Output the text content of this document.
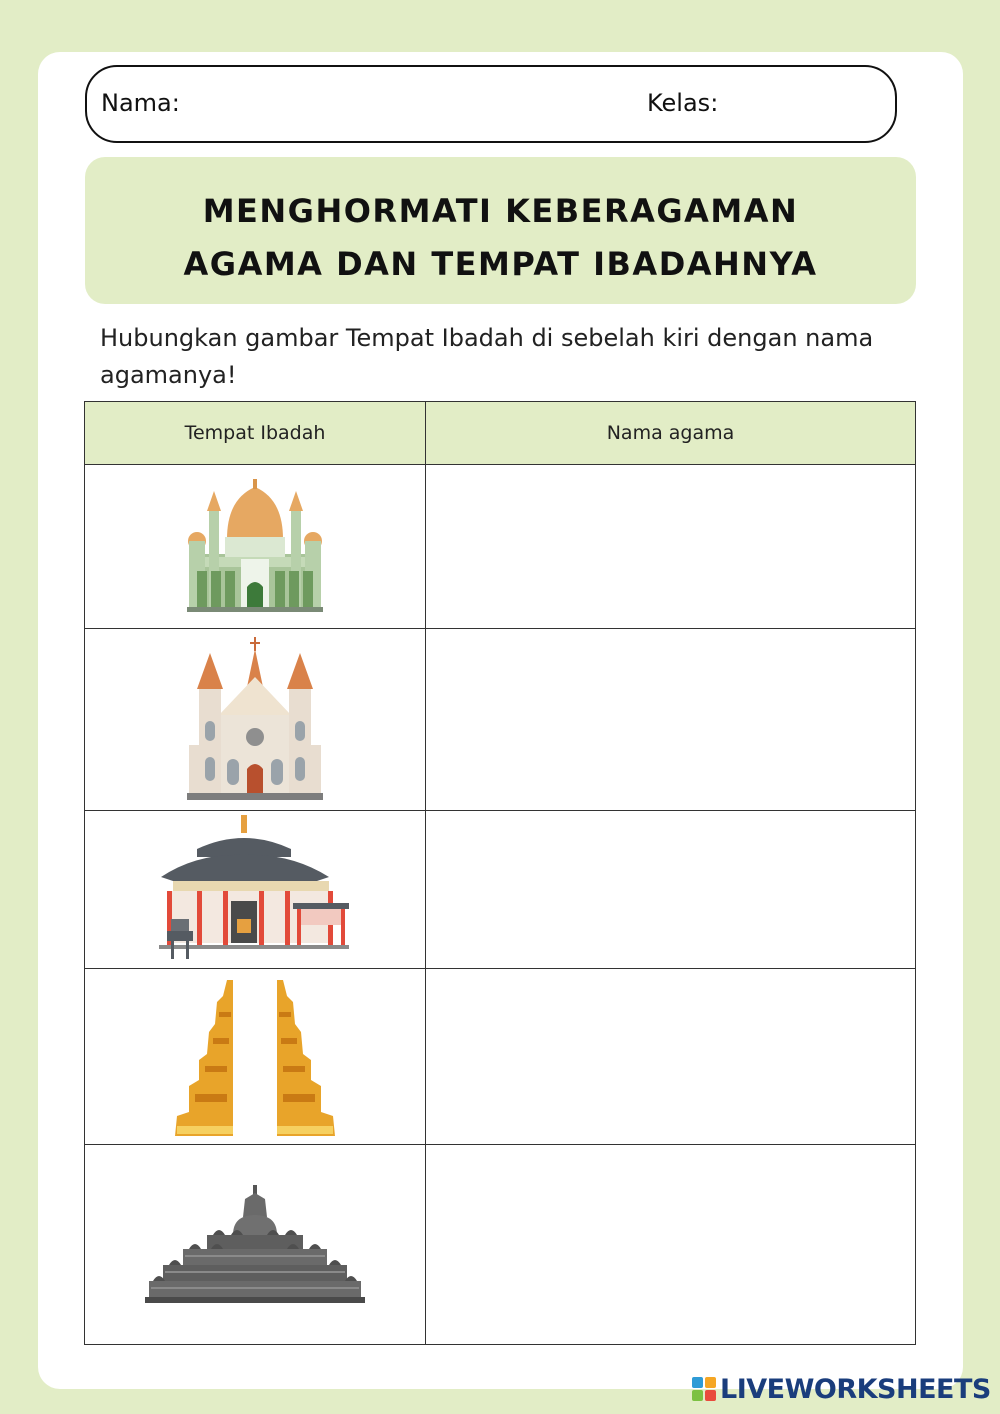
Nama:	Kelas:
MENGHORMATI KEBERAGAMAN
AGAMA DAN TEMPAT IBADAHNYA
Hubungkan gambar Tempat Ibadah di sebelah kiri dengan nama agamanya!
Tempat Ibadah	Nama agama

LIVEWORKSHEETS
